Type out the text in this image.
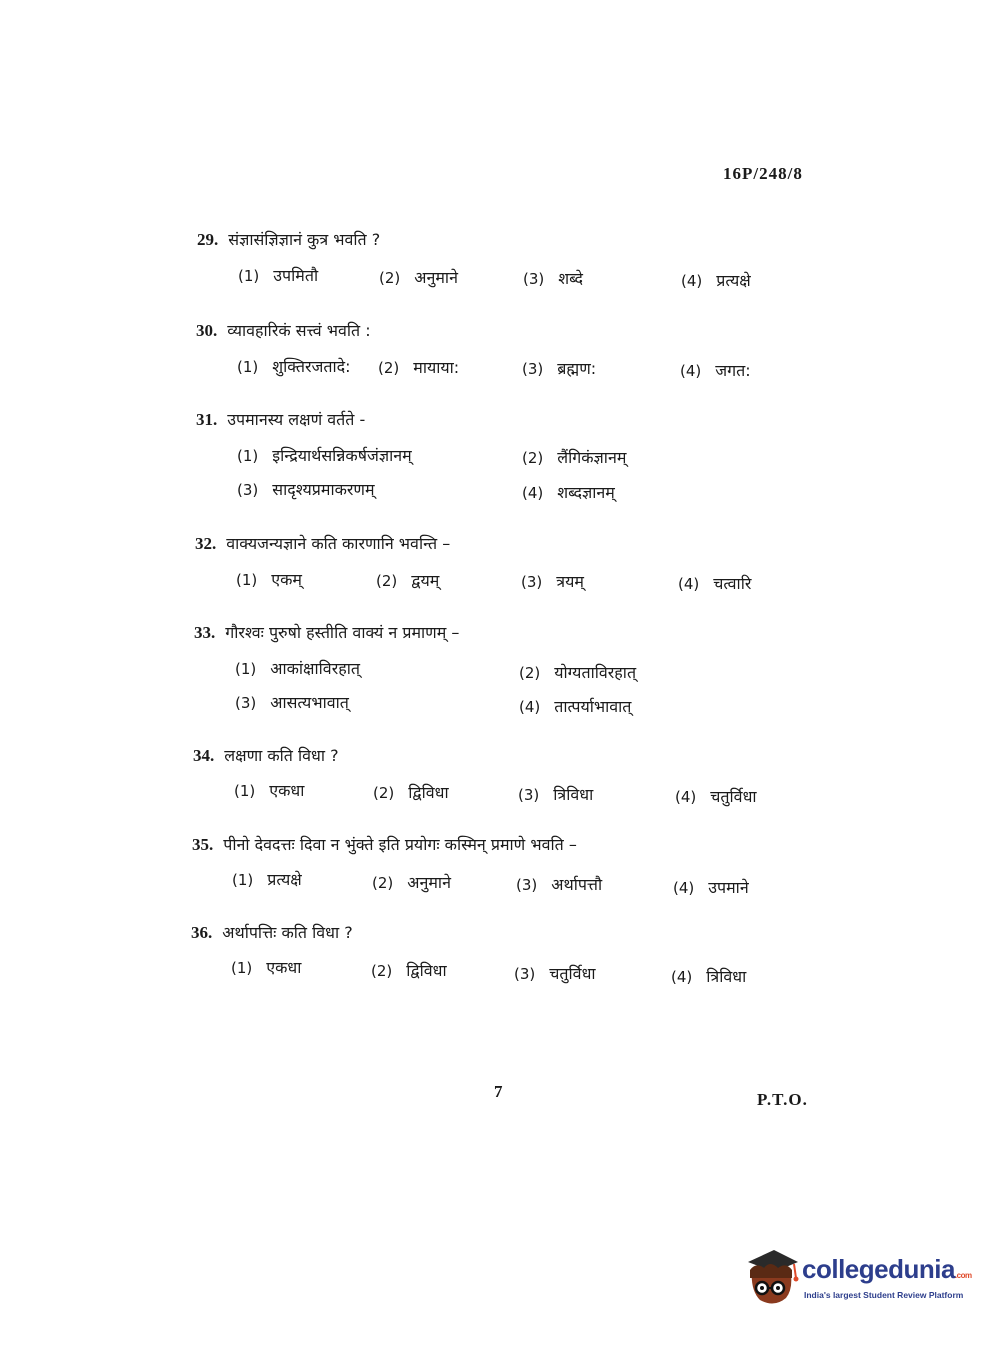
16P/248/8
29. संज्ञासंज्ञिज्ञानं कुत्र भवति ?
(1) उपमितौ	(2) अनुमाने	(3) शब्दे	(4) प्रत्यक्षे
30. व्यावहारिकं सत्त्वं भवति :
(1) शुक्तिरजतादे: (2) मायाया:	(3) ब्रह्मण:	(4) जगत:
31. उपमानस्य लक्षणं वर्तते -
(1) इन्द्रियार्थसन्निकर्षजंज्ञानम्	(2) लैंगिकंज्ञानम्
(3) सादृश्यप्रमाकरणम्	(4) शब्दज्ञानम्
32. वाक्यजन्यज्ञाने कति कारणानि भवन्ति –
(1) एकम्	(2) द्वयम्	(3) त्रयम्	(4) चत्वारि
33. गौरश्वः पुरुषो हस्तीति वाक्यं न प्रमाणम् –
(1) आकांक्षाविरहात्	(2) योग्यताविरहात्
(3) आसत्यभावात्	(4) तात्पर्याभावात्
34. लक्षणा कति विधा ?
(1) एकधा	(2) द्विविधा	(3) त्रिविधा	(4) चतुर्विधा
35. पीनो देवदत्तः दिवा न भुंक्ते इति प्रयोगः कस्मिन् प्रमाणे भवति –
(1) प्रत्यक्षे	(2) अनुमाने	(3) अर्थापत्तौ	(4) उपमाने
36. अर्थापत्तिः कति विधा ?
(1) एकधा	(2) द्विविधा	(3) चतुर्विधा	(4) त्रिविधा
7	P.T.O.
collegedunia.com
India's largest Student Review Platform
